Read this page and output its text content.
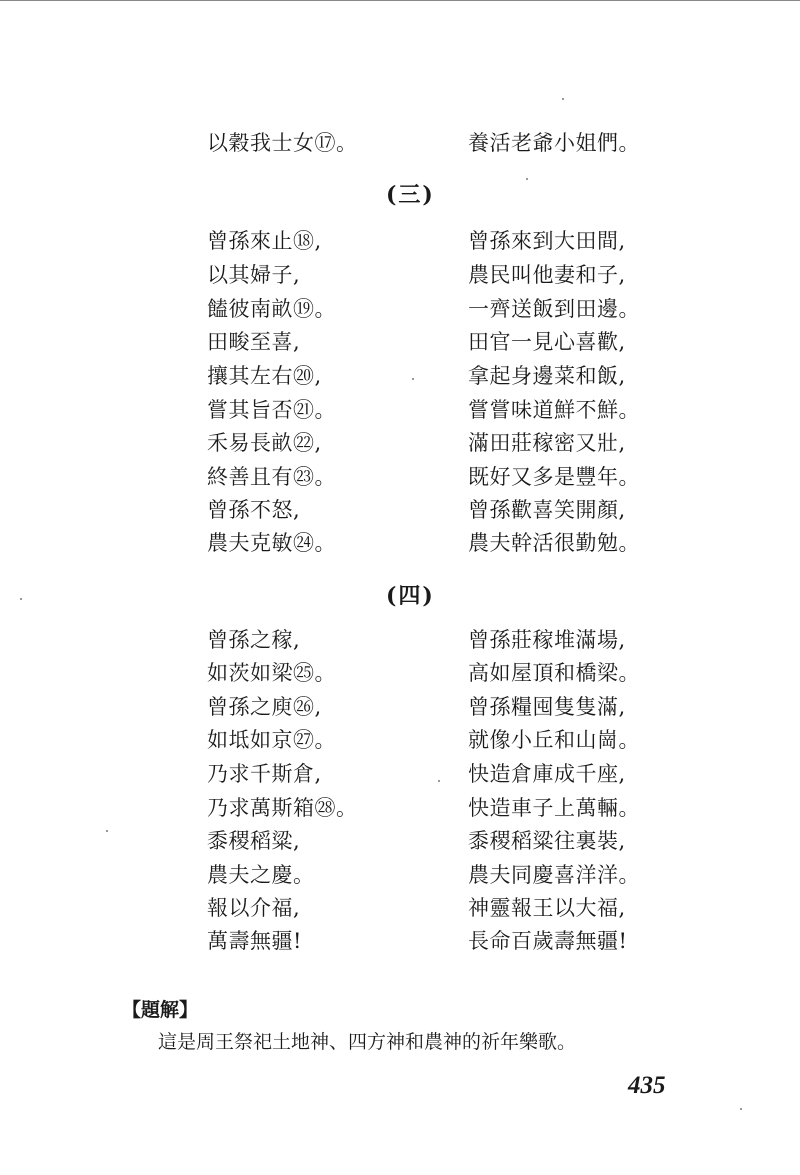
以穀我士女⑰。	養活老爺小姐們。
(三)
曾孫來止⑱,	曾孫來到大田間,
以其婦子,	農民叫他妻和子,
饁彼南畝⑲。	一齊送飯到田邊。
田畯至喜,	田官一見心喜歡,
攘其左右⑳,	拿起身邊菜和飯,
嘗其旨否㉑。	嘗嘗味道鮮不鮮。
禾易長畝㉒,	滿田莊稼密又壯,
終善且有㉓。	既好又多是豐年。
曾孫不怒,	曾孫歡喜笑開顏,
農夫克敏㉔。	農夫幹活很勤勉。
(四)
曾孫之稼,	曾孫莊稼堆滿場,
如茨如梁㉕。	高如屋頂和橋梁。
曾孫之庾㉖,	曾孫糧囤隻隻滿,
如坻如京㉗。	就像小丘和山崗。
乃求千斯倉,	快造倉庫成千座,
乃求萬斯箱㉘。	快造車子上萬輛。
黍稷稻粱,	黍稷稻粱往裏裝,
農夫之慶。	農夫同慶喜洋洋。
報以介福,	神靈報王以大福,
萬壽無疆!	長命百歲壽無疆!
【題解】
這是周王祭祀土地神、四方神和農神的祈年樂歌。
435
